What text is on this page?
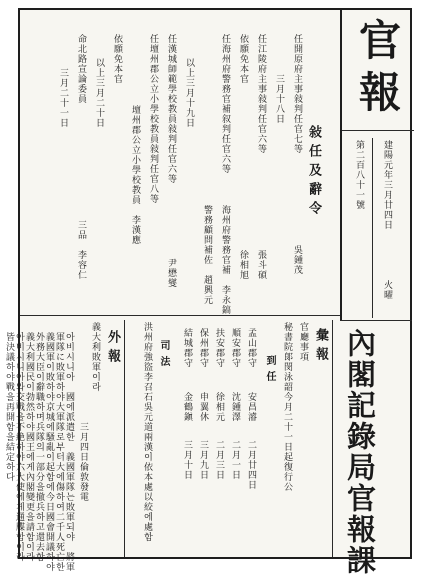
官報
第二百八十一號 建陽元年三月廿四日
火曜
內閣記錄局官報課
敍任及辭令
任開原府主事敍判任官七等
吳鍾茂
三月十八日
任江陵府主事敍判任官六等
張斗碩
依願免本官
徐相旭
任海州府警務官補叙判任官六等
海州府警務官補　李永鎬
警務顧問補佐　趙興元
以上三月十九日
任漢城師範學校教員敍判任官六等
尹懋燮
任壇州郡公立小學校教員敍判任官八等
壇州郡公立小學校教員　李漢應
依願免本官
以上三月二十日
命北路宣論委員
三品　李容仁
三月二十一日
彙報
官廳事項
秘書院郞閔泳韶今月二十一日起復行公
到任
孟山郡守
安昌濬
二月廿四日
順安郡守
沈鍾澤
二月一日
扶安郡守
徐相元
二月三日
保州郡守
申翼休
三月九日
結城郡守
金鶴鎭
三月十日
司法
洪州府強盜李召石吳元道兩漢이依本處以絞에處함
外報
義大利敗軍이라
三月四日倫敦發電
　아비시니아　國에派遣한　義國軍隊는敗軍되야　將軍
　軍隊に敗軍하야大軍隊로부터大에傷하여二千人死亡한
　義國軍이敗하야京城에騷亂이起함에今日國會開議하야
　外務大臣이辭職하며兵隊의一部分을撤兵하고還去함
　義大利國民이勃然하야國王에게內閣變更을請함이라
　아비시니아와交戰을不絶하야六大使에게通牒함이라
　皆決議하야戰을再開함을結定하다
